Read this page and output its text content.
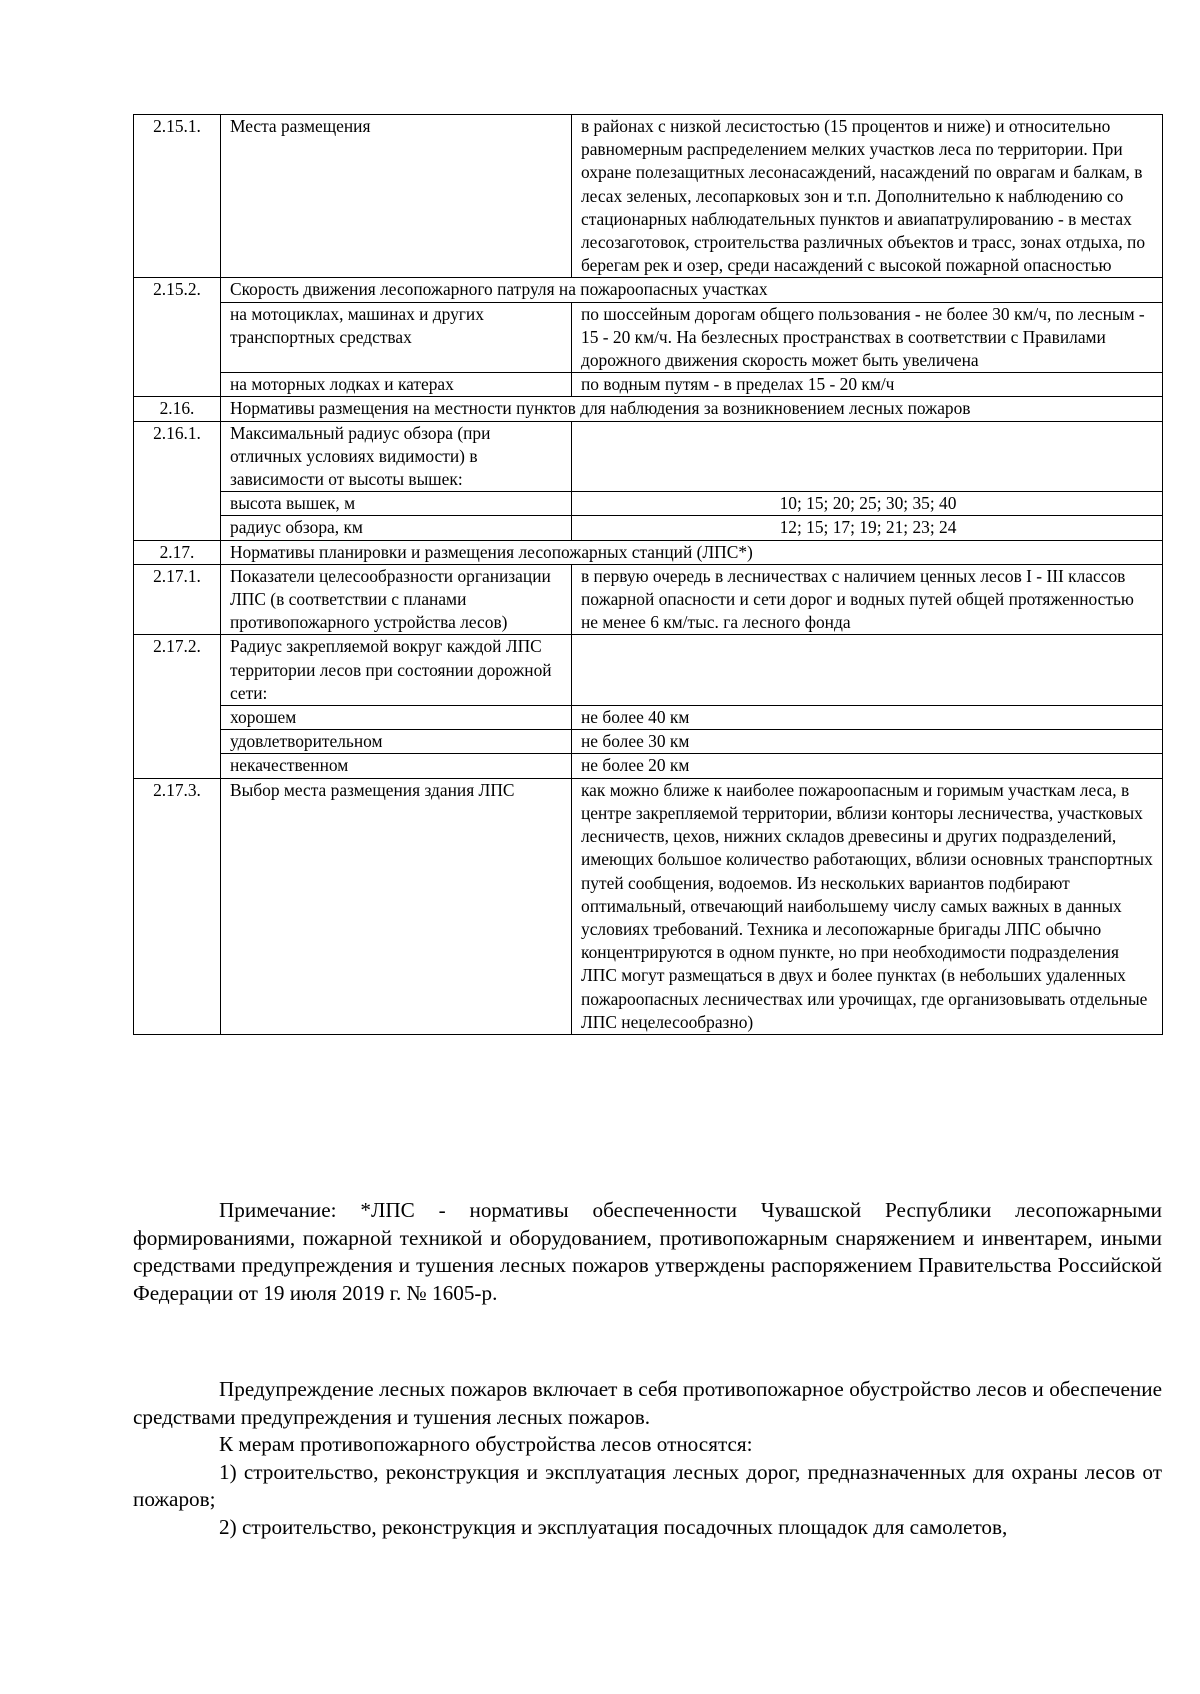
2.15.1.	Места размещения	в районах с низкой лесистостью (15 процентов и ниже) и относительно равномерным распределением мелких участков леса по территории. При охране полезащитных лесонасаждений, насаждений по оврагам и балкам, в лесах зеленых, лесопарковых зон и т.п. Дополнительно к наблюдению со стационарных наблюдательных пунктов и авиапатрулированию - в местах лесозаготовок, строительства различных объектов и трасс, зонах отдыха, по берегам рек и озер, среди насаждений с высокой пожарной опасностью
2.15.2.	Скорость движения лесопожарного патруля на пожароопасных участках	
	на мотоциклах, машинах и других транспортных средствах	по шоссейным дорогам общего пользования - не более 30 км/ч, по лесным - 15 - 20 км/ч. На безлесных пространствах в соответствии с Правилами дорожного движения скорость может быть увеличена
	на моторных лодках и катерах	по водным путям - в пределах 15 - 20 км/ч
2.16.	Нормативы размещения на местности пунктов для наблюдения за возникновением лесных пожаров	
2.16.1.	Максимальный радиус обзора (при отличных условиях видимости) в зависимости от высоты вышек:	
	высота вышек, м	10; 15; 20; 25; 30; 35; 40
	радиус обзора, км	12; 15; 17; 19; 21; 23; 24
2.17.	Нормативы планировки и размещения лесопожарных станций (ЛПС*)	
2.17.1.	Показатели целесообразности организации ЛПС (в соответствии с планами противопожарного устройства лесов)	в первую очередь в лесничествах с наличием ценных лесов I - III классов пожарной опасности и сети дорог и водных путей общей протяженностью не менее 6 км/тыс. га лесного фонда
2.17.2.	Радиус закрепляемой вокруг каждой ЛПС территории лесов при состоянии дорожной сети:	
	хорошем	не более 40 км
	удовлетворительном	не более 30 км
	некачественном	не более 20 км
2.17.3.	Выбор места размещения здания ЛПС	как можно ближе к наиболее пожароопасным и горимым участкам леса, в центре закрепляемой территории, вблизи конторы лесничества, участковых лесничеств, цехов, нижних складов древесины и других подразделений, имеющих большое количество работающих, вблизи основных транспортных путей сообщения, водоемов. Из нескольких вариантов подбирают оптимальный, отвечающий наибольшему числу самых важных в данных условиях требований. Техника и лесопожарные бригады ЛПС обычно концентрируются в одном пункте, но при необходимости подразделения ЛПС могут размещаться в двух и более пунктах (в небольших удаленных пожароопасных лесничествах или урочищах, где организовывать отдельные ЛПС нецелесообразно)

Примечание: *ЛПС - нормативы обеспеченности Чувашской Республики лесопожарными формированиями, пожарной техникой и оборудованием, противопожарным снаряжением и инвентарем, иными средствами предупреждения и тушения лесных пожаров утверждены распоряжением Правительства Российской Федерации от 19 июля 2019 г. № 1605-р.

Предупреждение лесных пожаров включает в себя противопожарное обустройство лесов и обеспечение средствами предупреждения и тушения лесных пожаров.

К мерам противопожарного обустройства лесов относятся:

1) строительство, реконструкция и эксплуатация лесных дорог, предназначенных для охраны лесов от пожаров;

2) строительство, реконструкция и эксплуатация посадочных площадок для самолетов,
